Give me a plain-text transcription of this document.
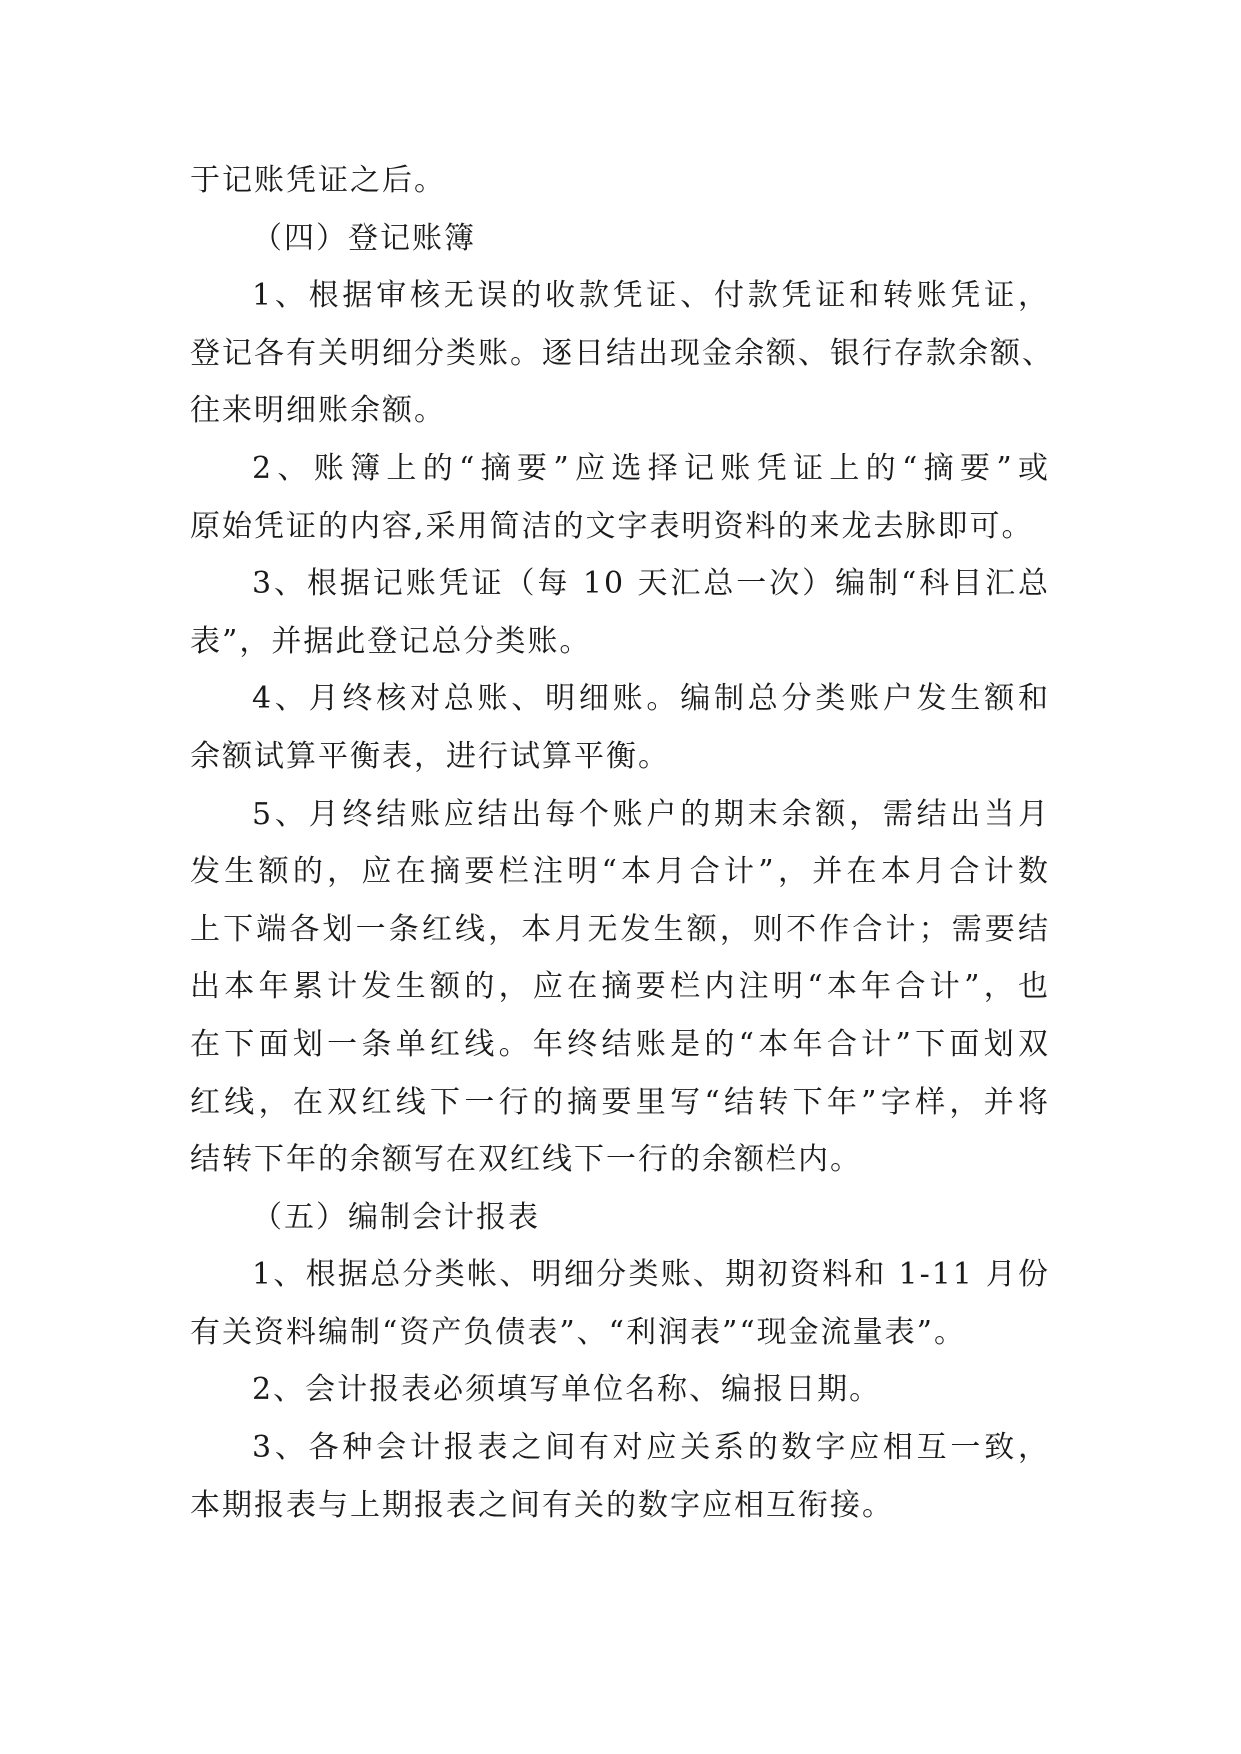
于记账凭证之后。
（四）登记账簿
1、根据审核无误的收款凭证、付款凭证和转账凭证，
登记各有关明细分类账。逐日结出现金余额、银行存款余额、
往来明细账余额。
2、账簿上的“摘要”应选择记账凭证上的“摘要”或
原始凭证的内容,采用简洁的文字表明资料的来龙去脉即可。
3、根据记账凭证（每 10 天汇总一次）编制“科目汇总
表”，并据此登记总分类账。
4、月终核对总账、明细账。编制总分类账户发生额和
余额试算平衡表，进行试算平衡。
5、月终结账应结出每个账户的期末余额，需结出当月
发生额的，应在摘要栏注明“本月合计”，并在本月合计数
上下端各划一条红线，本月无发生额，则不作合计；需要结
出本年累计发生额的，应在摘要栏内注明“本年合计”，也
在下面划一条单红线。年终结账是的“本年合计”下面划双
红线，在双红线下一行的摘要里写“结转下年”字样，并将
结转下年的余额写在双红线下一行的余额栏内。
（五）编制会计报表
1、根据总分类帐、明细分类账、期初资料和 1-11 月份
有关资料编制“资产负债表”、“利润表”“现金流量表”。
2、会计报表必须填写单位名称、编报日期。
3、各种会计报表之间有对应关系的数字应相互一致，
本期报表与上期报表之间有关的数字应相互衔接。
